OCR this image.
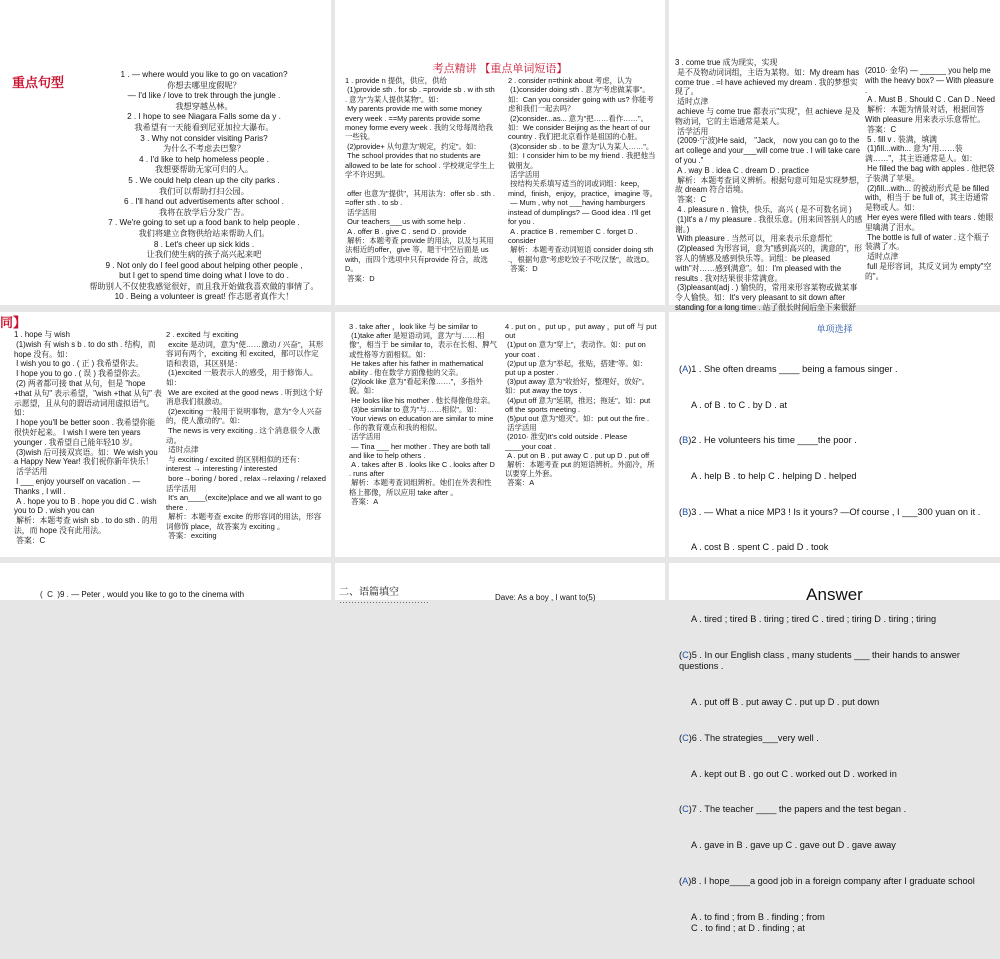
重点句型
1 . — where would you like to go on vacation?
你想去哪里度假呢？
— I'd like / love to trek through the jungle .
我想穿越丛林。
2 . I hope to see Niagara Falls some da y .
我希望有一天能看到尼亚加拉大瀑布。
3 . Why not consider visiting Paris?
为什么不考虑去巴黎？
4 . I'd like to help homeless people .
我想要帮助无家可归的人。
5 . We could help clean up the city parks .
我们可以帮助打扫公园。
6 . I'll hand out advertisements after school .
我将在放学后分发广告。
7 . We're going to set up a food bank to help people .
我们将建立食物供给站来帮助人们。
8 . Let's cheer up sick kids .
让我们使生病的孩子高兴起来吧
9 . Not only do I feel good about helping other people ,
but I get to spend time doing what I love to do .
帮助别人不仅使我感觉很好，而且我开始做我喜欢做的事情了。
10 . Being a volunteer is great! 作志愿者真作大！
考点精讲 【重点单词短语】
1 . provide n 提供，供应，供给
(1)provide sth . for sb . =provide sb . w ith sth . 意为"为某人提供某物"。如：
My parents provide me with some money every week . ==My parents provide some money forme every week . 我的父母每周给我一些钱。
(2)provide+ 从句意为"规定，约定"。如：
The school provides that no students are allowed to be late for school . 学校规定学生上学不许迟到。

offer 也意为"提供"，其用法为：offer sb . sth . =offer sth . to sb .
活学活用
Our teachers___us with some help .
A . offer B . give C . send D . provide
解析：本题考查 provide 的用法，以及与其用法相近的offer，give 等。题干中空后面是 us with，而四个选项中只有provide 符合，故选D。
答案：D
2 . consider n=think about 考虑，认为
(1)consider doing sth . 意为"考虑做某事"。如：Can you consider going with us? 你能考虑和我们一起去吗？
(2)consider...as... 意为"把……看作……"。如：We consider Beijing as the heart of our country . 我们把北京看作是祖国的心脏。
(3)consider sb . to be 意为"认为某人……"。如：I consider him to be my friend . 我把他当做朋友。
活学活用
按结构关系填写适当的词或词组：keep，mind，finish，enjoy，practice，imagine 等。
— Mum , why not ___having hamburgers instead of dumplings? — Good idea . I'll get for you .
A . practice B . remember C . forget D . consider
解析：本题考查动词短语 consider doing sth .，根据句意"考虑吃饺子不吃汉堡"，故选D。
答案：D
3 . come true 成为现实，实现
是不及物动词词组，主语为某物。如：My dream has come true . =I have achieved my dream . 我的梦想实现了。
适时点津
achieve 与 come true 都表示"实现"，但 achieve 是及物动词，它的主语通常是某人。
活学活用
(2009·宁波)He said， "Jack， now you can go to the art college and your___will come true . I will take care of you ."
A . way B . idea C . dream D . practice
解析：本题考查词义辨析。根据句意可知是实现梦想，故 dream 符合语境。
答案：C
4 . pleasure n . 愉快，快乐，高兴 ( 是不可数名词 )
(1)It's a / my pleasure . 我很乐意。(用来回答别人的感谢。)
With pleasure . 当然可以，用来表示乐意帮忙
(2)pleased 为形容词，意为"感到高兴的，满意的"，形容人的情感及感到快乐等。词组：be pleased with"对……感到满意"。如：I'm pleased with the results . 我对结果很非常满意。
(3)pleasant(adj . ) 愉快的，常用来形容某物或做某事令人愉快。如：It's very pleasant to sit down after standing for a long time . 站了很长时间后坐下来很舒
(2010· 金华) — ______ you help me with the heavy box? — With pleasure .
A . Must B . Should C . Can D . Need
解析：本题为情景对话，根据回答 With pleasure 用来表示乐意帮忙。
答案：C
5 . fill v . 装满，填满
(1)fill...with... 意为"用……装满……"，其主语通常是人。如：
He filled the bag with apples . 他把袋子装满了苹果。
(2)fill...with... 的被动形式是 be filled with，相当于 be full of，其主语通常是物或人。如：
Her eyes were filled with tears . 她眼里噙满了泪水。
The bottle is full of water . 这个瓶子装满了水。
适时点津
full 是形容词，其反义词为 empty"空的"。
同】
1 . hope 与 wish
(1)wish 有 wish s b . to do sth . 结构，而 hope 没有。如：
I wish you to go . ( 正 ) 我希望你去。
I hope you to go . ( 误 ) 我希望你去。
(2) 两者都可接 that 从句，但是 "hope +that 从句" 表示希望，"wish +that 从句" 表示愿望，且从句的谓语动词用虚拟语气。如：
I hope you'll be better soon . 我希望你能很快好起来。 I wish I were ten years younger . 我希望自己能年轻10 岁。
(3)wish 后可接双宾语。如：We wish you a Happy New Year! 我们祝你新年快乐！
活学活用
I ___ enjoy yourself on vacation . — Thanks , I will .
A . hope you to B . hope you did C . wish you to D . wish you can
解析：本题考查 wish sb . to do sth . 的用法，而 hope 没有此用法。
答案：C
2 . excited 与 exciting
excite 是动词，意为"使……激动 / 兴奋"，其形容词有两个，exciting 和 excited，都可以作定语和表语，其区别是：
(1)excited 一般表示人的感受，用于修饰人。如：
We are excited at the good news . 听到这个好消息我们很激动。
(2)exciting 一般用于说明事物，意为"令人兴奋的，使人激动的"。如：
The news is very exciting . 这个消息很令人激动。
适时点津
与 exciting / excited 的区别相似的还有：interest → interesting / interested
bore→boring / bored , relax→relaxing / relaxed 活学活用
It's an____(excite)place and we all want to go there .
解析：本题考查 excite 的形容词的用法，形容词修饰 place，故答案为 exciting 。
答案：exciting
3 . take after ，look like 与 be similar to
(1)take after 是短语动词，意为"与……相像"，相当于 be similar to，表示在长相、脾气或性格等方面相似。如：
He takes after his father in mathematical ability . 他在数学方面像他的父亲。
(2)look like 意为"看起来像……"，多指外貌。如：
He looks like his mother . 他长得像他母亲。
(3)be similar to 意为"与……相似"。如：
Your views on education are similar to mine . 你的教育观点和我的相似。
活学活用
— Tina ___ her mother . They are both tall and like to help others .
A . takes after B . looks like C . looks after D . runs after
解析：本题考查词组辨析。她们在外表和性格上都像，所以应用 take after 。
答案：A
4 . put on ，put up ，put away ，put off 与 put out
(1)put on 意为"穿上"，表动作。如：put on your coat .
(2)put up 意为"举起，张贴，搭建"等。如：put up a poster .
(3)put away 意为"收拾好，整理好，放好"。如：put away the toys .
(4)put off 意为"延期，推迟；拖延"。如：put off the sports meeting .
(5)put out 意为"熄灭"。如：put out the fire .
活学活用
(2010· 淮安)It's cold outside . Please ____your coat .
A . put on B . put away C . put up D . put off
解析：本题考查 put 的短语辨析。外面冷，所以要穿上外套。
答案：A
单项选择

(A)1 . She often dreams ____ being a famous singer .

A . of B . to C . by D . at

(B)2 . He volunteers his time ____the poor .

A . help B . to help C . helping D . helped

(B)3 . — What a nice MP3 ! Is it yours? —Of course , I ___300 yuan on it .

A . cost B . spent C . paid D . took

A . tired ; tired B . tiring ; tired C . tired ; tiring D . tiring ; tiring

(C)5 . In our English class , many students ___ their hands to answer questions .

A . put off B . put away C . put up D . put down

(C)6 . The strategies___very well .

A . kept out B . go out C . worked out D . worked in

(C)7 . The teacher ____ the papers and the test began .

A . gave in B . gave up C . gave out D . gave away

(A)8 . I hope____a good job in a foreign company after I graduate school

A . to find ; from B . finding ; from
C . to find ; at D . finding ; at

(  C  )9 . — Peter , would you like to go to the cinema with	二、语篇填空
…………………………	Dave: As a boy , I want to(5)	Answer
